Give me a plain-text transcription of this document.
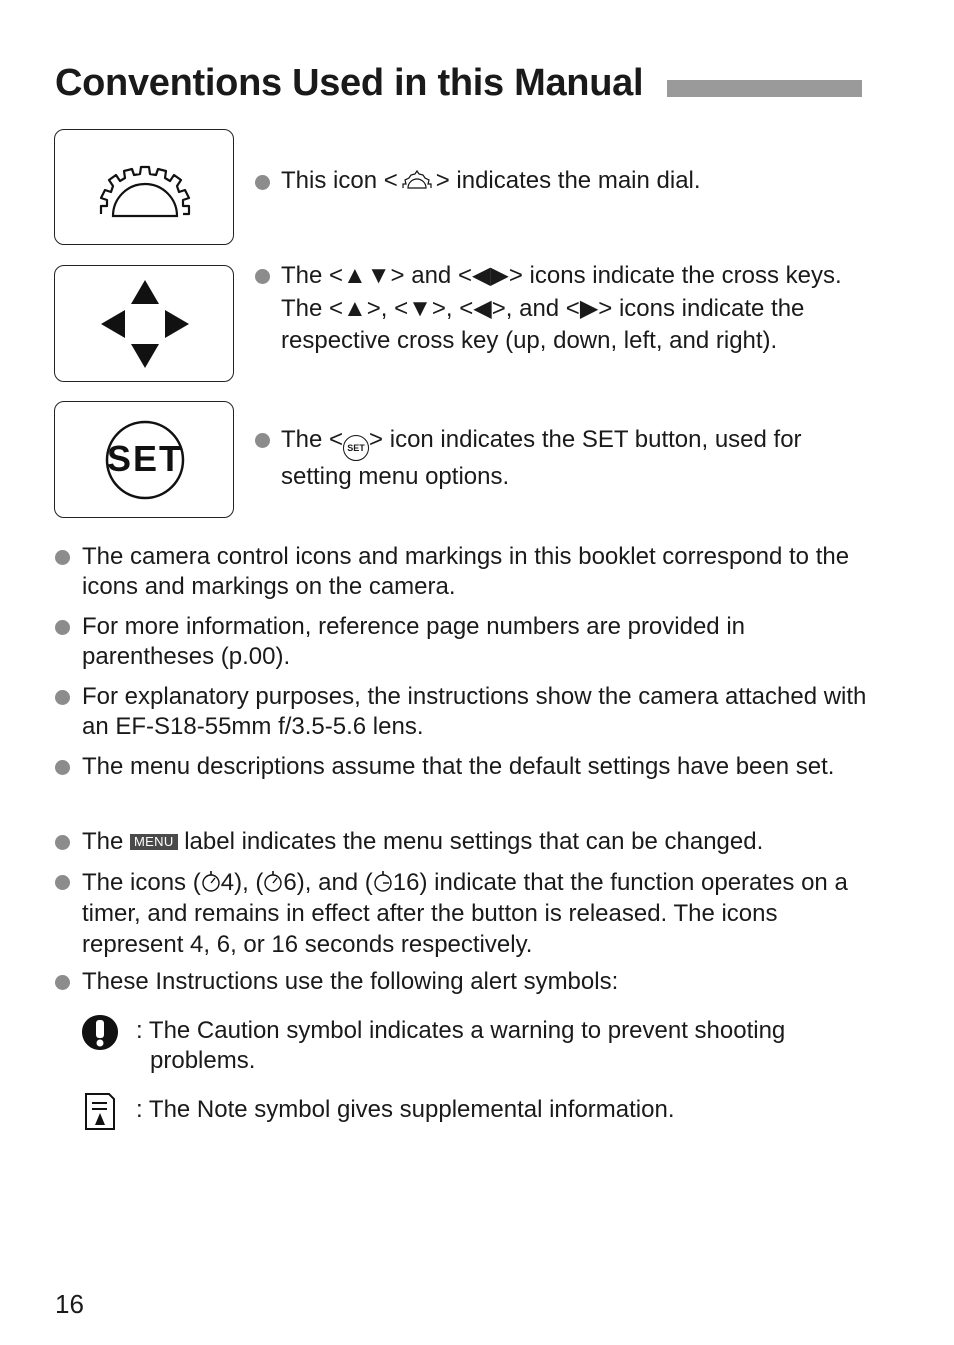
Conventions Used in this Manual
This icon < > indicates the main dial.
The <▲▼> and <◀▶> icons indicate the cross keys. The <▲>, <▼>, <◀>, and <▶> icons indicate the respective cross key (up, down, left, and right).
SET	The < SET > icon indicates the SET button, used for setting menu options.
The camera control icons and markings in this booklet correspond to the icons and markings on the camera.
For more information, reference page numbers are provided in parentheses (p.00).
For explanatory purposes, the instructions show the camera attached with an EF-S18-55mm f/3.5-5.6 lens.
The menu descriptions assume that the default settings have been set.
The MENU label indicates the menu settings that can be changed.
The icons ( 4), ( 6), and ( 16) indicate that the function operates on a timer, and remains in effect after the button is released. The icons represent 4, 6, or 16 seconds respectively.
These Instructions use the following alert symbols:
: The Caution symbol indicates a warning to prevent shooting problems.
: The Note symbol gives supplemental information.
16
